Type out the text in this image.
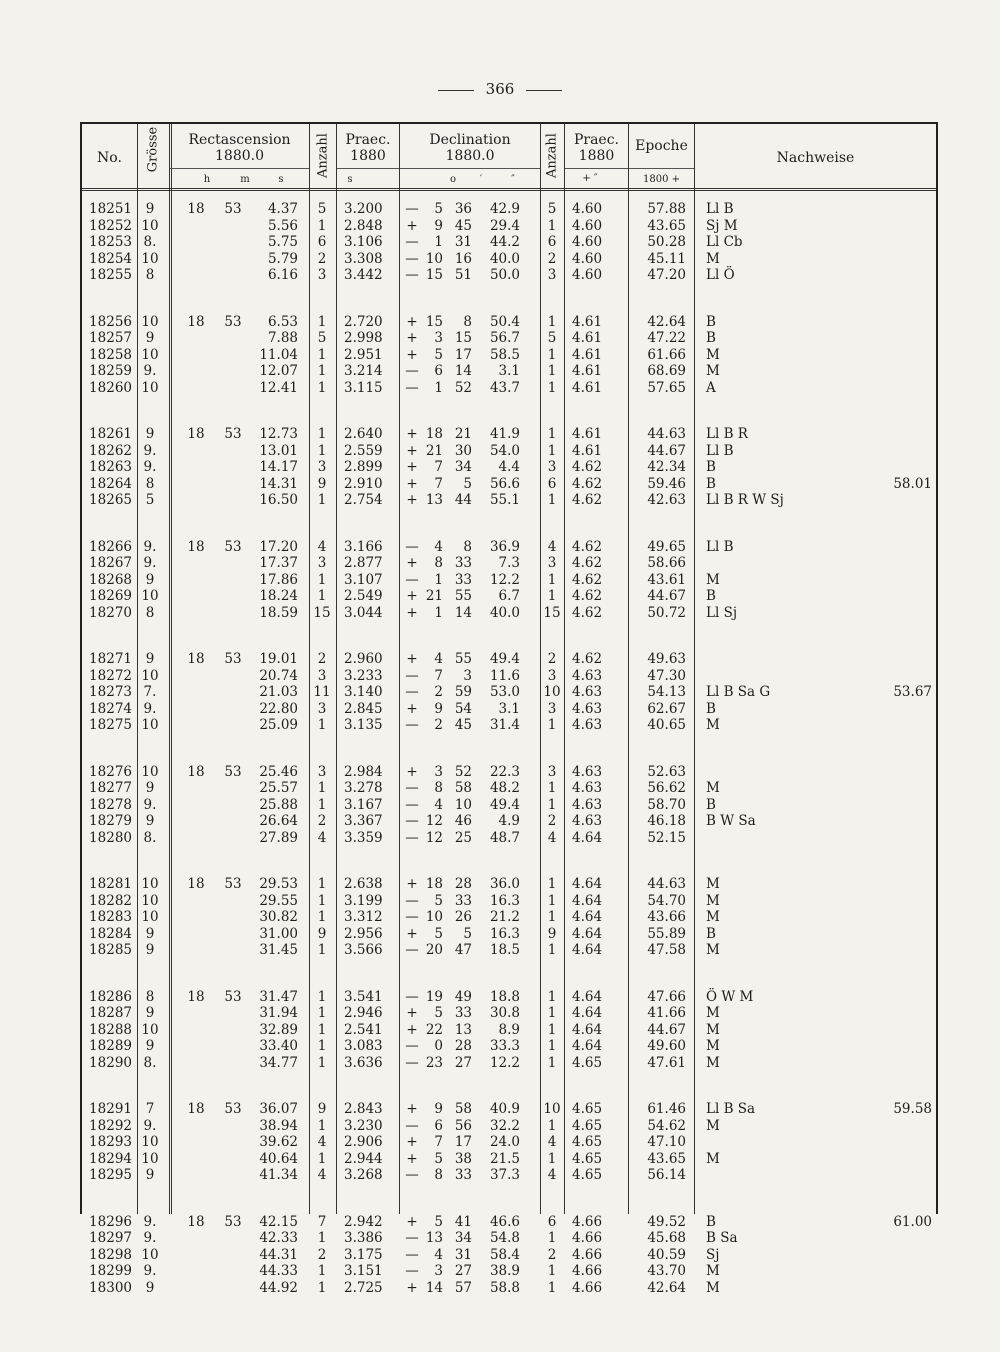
366
No.	Grösse	Rectascension
1880.0
h	m	s
Anzahl	Praec.
1880
s
Declination
1880.0
o	′	″
Anzahl	Praec.
1880
+ ″
Epoche
1800 +
Nachweise
18251	9	18 53	4.37	5	3.200	—	5 36	42.9	5	4.60	57.88 Ll B
18252 10	5.56	1	2.848	+	9 45	29.4	1	4.60	43.65 Sj M
18253 8.	5.75	6	3.106	—	1 31	44.2	6	4.60	50.28 Ll Cb
18254 10	5.79	2	3.308	— 10 16	40.0	2	4.60	45.11 M
18255	8	6.16	3	3.442	— 15 51	50.0	3	4.60	47.20 Ll Ö
18256 10 18 53	6.53	1	2.720	+ 15	8	50.4	1	4.61	42.64 B
18257	9	7.88	5	2.998	+	3 15	56.7	5	4.61	47.22 B
18258 10	11.04	1	2.951	+	5 17	58.5	1	4.61	61.66 M
18259 9.	12.07	1	3.214	—	6 14	3.1	1	4.61	68.69 M
18260 10	12.41	1	3.115	—	1 52	43.7	1	4.61	57.65 A
18261	9	18 53 12.73	1	2.640	+ 18 21	41.9	1	4.61	44.63 Ll B R
18262 9.	13.01	1	2.559	+ 21 30	54.0	1	4.61	44.67 Ll B
18263 9.	14.17	3	2.899	+	7 34	4.4	3	4.62	42.34 B
18264	8	14.31	9	2.910	+	7	5	56.6	6	4.62	59.46 B	58.01
18265	5	16.50	1	2.754	+ 13 44	55.1	1	4.62	42.63 Ll B R W Sj
18266 9.	18 53 17.20	4	3.166	—	4	8	36.9	4	4.62	49.65 Ll B
18267 9.	17.37	3	2.877	+	8 33	7.3	3	4.62	58.66
18268	9	17.86	1	3.107	—	1 33	12.2	1	4.62	43.61 M
18269 10	18.24	1	2.549	+ 21 55	6.7	1	4.62	44.67 B
18270	8	18.59 15 3.044	+	1 14	40.0 15 4.62	50.72 Ll Sj
18271	9	18 53 19.01	2	2.960	+	4 55	49.4	2	4.62	49.63
18272 10	20.74	3	3.233	—	7	3	11.6	3	4.63	47.30
18273 7.	21.03 11 3.140	—	2 59	53.0 10 4.63	54.13 Ll B Sa G	53.67
18274 9.	22.80	3	2.845	+	9 54	3.1	3	4.63	62.67 B
18275 10	25.09	1	3.135	—	2 45	31.4	1	4.63	40.65 M
18276 10 18 53 25.46	3	2.984	+	3 52	22.3	3	4.63	52.63
18277	9	25.57	1	3.278	—	8 58	48.2	1	4.63	56.62 M
18278 9.	25.88	1	3.167	—	4 10	49.4	1	4.63	58.70 B
18279	9	26.64	2	3.367	— 12 46	4.9	2	4.63	46.18 B W Sa
18280 8.	27.89	4	3.359	— 12 25	48.7	4	4.64	52.15
18281 10 18 53 29.53	1	2.638	+ 18 28	36.0	1	4.64	44.63 M
18282 10	29.55	1	3.199	—	5 33	16.3	1	4.64	54.70 M
18283 10	30.82	1	3.312	— 10 26	21.2	1	4.64	43.66 M
18284	9	31.00	9	2.956	+	5	5	16.3	9	4.64	55.89 B
18285	9	31.45	1	3.566	— 20 47	18.5	1	4.64	47.58 M
18286	8	18 53 31.47	1	3.541	— 19 49	18.8	1	4.64	47.66 Ö W M
18287	9	31.94	1	2.946	+	5 33	30.8	1	4.64	41.66 M
18288 10	32.89	1	2.541	+ 22 13	8.9	1	4.64	44.67 M
18289	9	33.40	1	3.083	—	0 28	33.3	1	4.64	49.60 M
18290 8.	34.77	1	3.636	— 23 27	12.2	1	4.65	47.61 M
18291	7	18 53 36.07	9	2.843	+	9 58	40.9 10 4.65	61.46 Ll B Sa	59.58
18292 9.	38.94	1	3.230	—	6 56	32.2	1	4.65	54.62 M
18293 10	39.62	4	2.906	+	7 17	24.0	4	4.65	47.10
18294 10	40.64	1	2.944	+	5 38	21.5	1	4.65	43.65 M
18295	9	41.34	4	3.268	—	8 33	37.3	4	4.65	56.14
18296 9.	18 53 42.15	7	2.942	+	5 41	46.6	6	4.66	49.52 B	61.00
18297 9.	42.33	1	3.386	— 13 34	54.8	1	4.66	45.68 B Sa
18298 10	44.31	2	3.175	—	4 31	58.4	2	4.66	40.59 Sj
18299 9.	44.33	1	3.151	—	3 27	38.9	1	4.66	43.70 M
18300	9	44.92	1	2.725	+ 14 57	58.8	1	4.66	42.64 M
